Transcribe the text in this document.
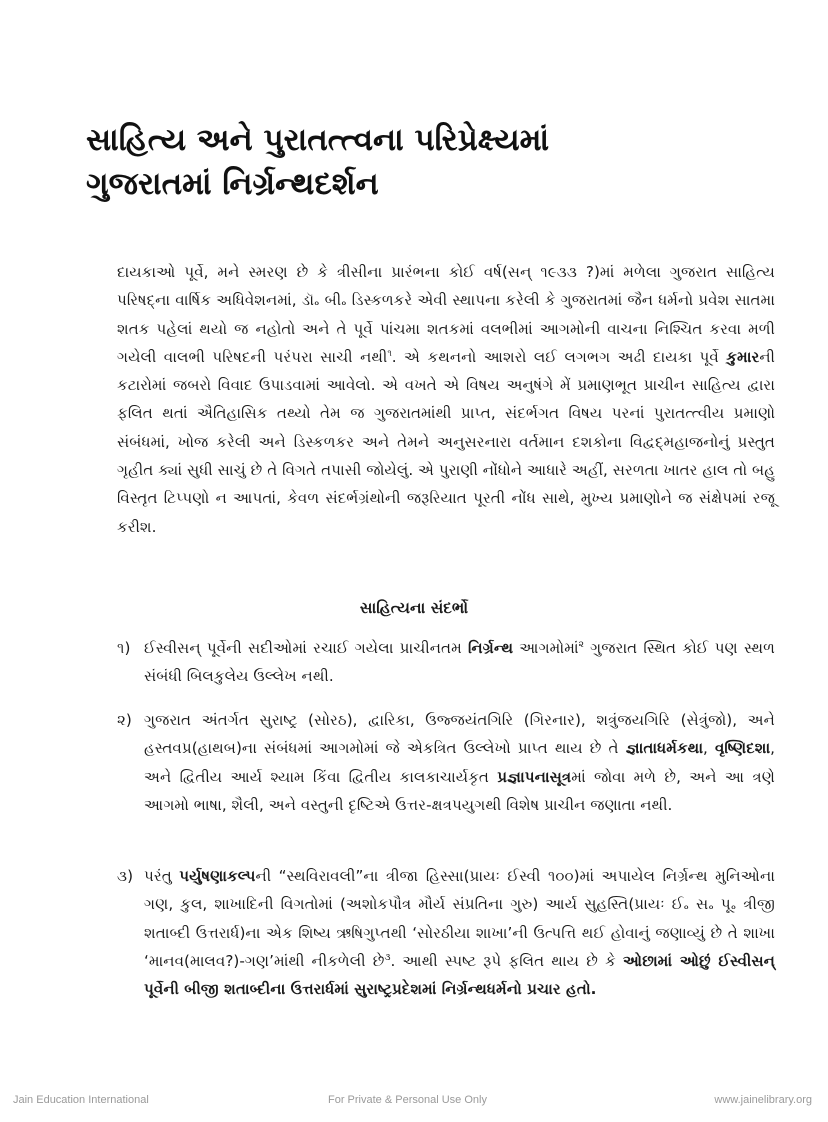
સાહિત્ય અને પુરાતત્ત્વના પરિપ્રેક્ષ્યમાં
ગુજરાતમાં નિર્ગ્રન્થદર્શન
દાયકાઓ પૂર્વે, મને સ્મરણ છે કે ત્રીસીના પ્રારંભના કોઈ વર્ષ(સન્ ૧૯૩૩ ?)માં મળેલા ગુજરાત સાહિત્ય પરિષદ્‌ના વાર્ષિક અધિવેશનમાં, ડૉ૰ બી૰ ડિસ્કળકરે એવી સ્થાપના કરેલી કે ગુજરાતમાં જૈન ધર્મનો પ્રવેશ સાતમા શતક પહેલાં થયો જ નહોતો અને તે પૂર્વે પાંચમા શતકમાં વલભીમાં આગમોની વાચના નિશ્ચિત કરવા મળી ગયેલી વાલભી પરિષદની પરંપરા સાચી નથી$^૧$. એ કથનનો આશરો લઈ લગભગ અઢી દાયકા પૂર્વે કુમારની કટારોમાં જબરો વિવાદ ઉપાડવામાં આવેલો. એ વખતે એ વિષય અનુષંગે મેં પ્રમાણભૂત પ્રાચીન સાહિત્ય દ્વારા ફલિત થતાં ઐતિહાસિક તથ્યો તેમ જ ગુજરાતમાંથી પ્રાપ્ત, સંદર્ભગત વિષય પરનાં પુરાતત્ત્વીય પ્રમાણો સંબંધમાં, ખોજ કરેલી અને ડિસ્કળકર અને તેમને અનુસરનારા વર્તમાન દશકોના વિદ્વદ્‌મહાજનોનું પ્રસ્તુત ગૃહીત ક્યાં સુધી સાચું છે તે વિગતે તપાસી જોયેલું. એ પુરાણી નોંધોને આધારે અહીં, સરળતા ખાતર હાલ તો બહુ વિસ્તૃત ટિપ્પણો ન આપતાં, કેવળ સંદર્ભગ્રંથોની જરૂરિયાત પૂરતી નોંધ સાથે, મુખ્ય પ્રમાણોને જ સંક્ષેપમાં રજૂ કરીશ.
સાહિત્યના સંદર્ભો
૧) ઈસ્વીસન્ પૂર્વેની સદીઓમાં રચાઈ ગયેલા પ્રાચીનતમ નિર્ગ્રન્થ આગમોમાં$^૨$ ગુજરાત સ્થિત કોઈ પણ સ્થળ સંબંધી બિલકુલેય ઉલ્લેખ નથી.
૨) ગુજરાત અંતર્ગત સુરાષ્ટ્ર (સોરઠ), દ્વારિકા, ઉજ્જયંતગિરિ (ગિરનાર), શત્રુંજયગિરિ (સેત્રુંજો), અને હસ્તવપ્ર(હાથબ)ના સંબંધમાં આગમોમાં જે એકત્રિત ઉલ્લેખો પ્રાપ્ત થાય છે તે જ્ઞાતાધર્મકથા, વૃષ્ણિદશા, અને દ્વિતીય આર્ય શ્યામ કિંવા દ્વિતીય કાલકાચાર્યકૃત પ્રજ્ઞાપનાસૂત્રમાં જોવા મળે છે, અને આ ત્રણે આગમો ભાષા, શૈલી, અને વસ્તુની દૃષ્ટિએ ઉત્તર-ક્ષત્રપયુગથી વિશેષ પ્રાચીન જણાતા નથી.
૩) પરંતુ પર્યુષણાકલ્પની “સ્થવિરાવલી”ના ત્રીજા હિસ્સા(પ્રાયઃ ઈસ્વી ૧૦૦)માં અપાયેલ નિર્ગ્રન્થ મુનિઓના ગણ, કુલ, શાખાદિની વિગતોમાં (અશોકપૌત્ર મૌર્ય સંપ્રતિના ગુરુ) આર્ય સુહસ્તિ(પ્રાયઃ ઈ૰ સ૰ પૂ૰ ત્રીજી શતાબ્દી ઉત્તરાર્ધ)ના એક શિષ્ય ઋષિગુપ્તથી ‘સોરઠીયા શાખા’ની ઉત્પત્તિ થઈ હોવાનું જણાવ્યું છે તે શાખા ‘માનવ(માલવ?)-ગણ’માંથી નીકળેલી છે$^૩$. આથી સ્પષ્ટ રૂપે ફલિત થાય છે કે ઓછામાં ઓછું ઈસ્વીસન્ પૂર્વેની બીજી શતાબ્દીના ઉત્તરાર્ધમાં સુરાષ્ટ્રપ્રદેશમાં નિર્ગ્રન્થધર્મનો પ્રચાર હતો.
Jain Education International	For Private & Personal Use Only	www.jainelibrary.org
